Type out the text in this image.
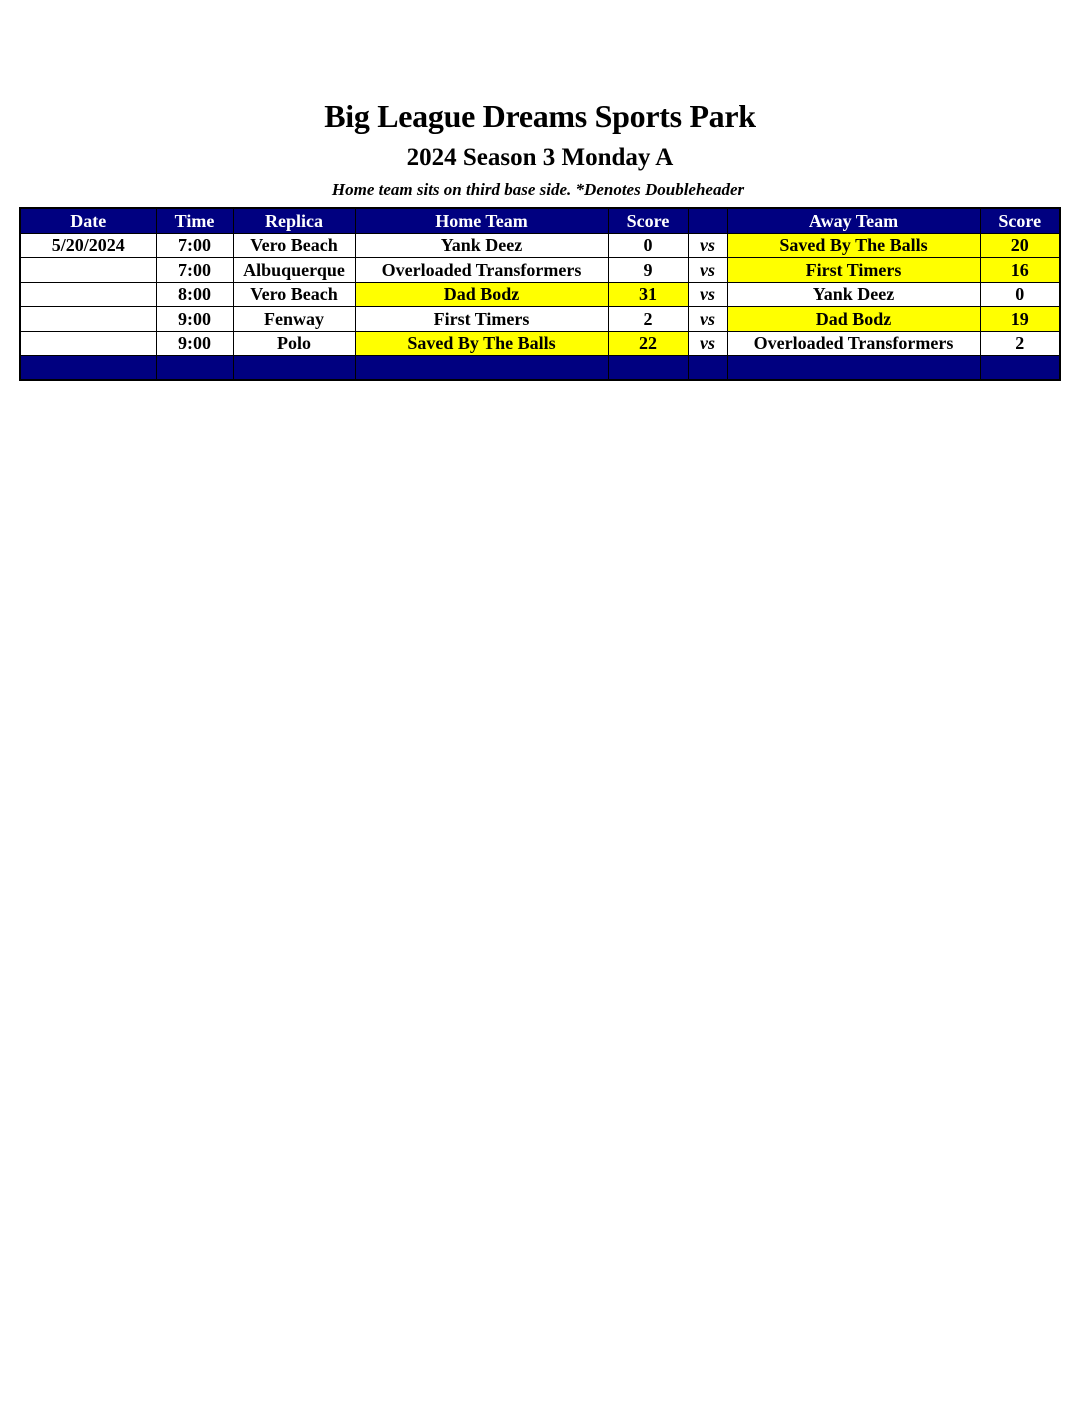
Big League Dreams Sports Park
2024 Season 3 Monday A
Home team sits on third base side. *Denotes Doubleheader
Date	Time	Replica	Home Team	Score		Away Team	Score
5/20/2024	7:00	Vero Beach	Yank Deez	0	vs	Saved By The Balls	20
	7:00	Albuquerque	Overloaded Transformers	9	vs	First Timers	16
	8:00	Vero Beach	Dad Bodz	31	vs	Yank Deez	0
	9:00	Fenway	First Timers	2	vs	Dad Bodz	19
	9:00	Polo	Saved By The Balls	22	vs	Overloaded Transformers	2
